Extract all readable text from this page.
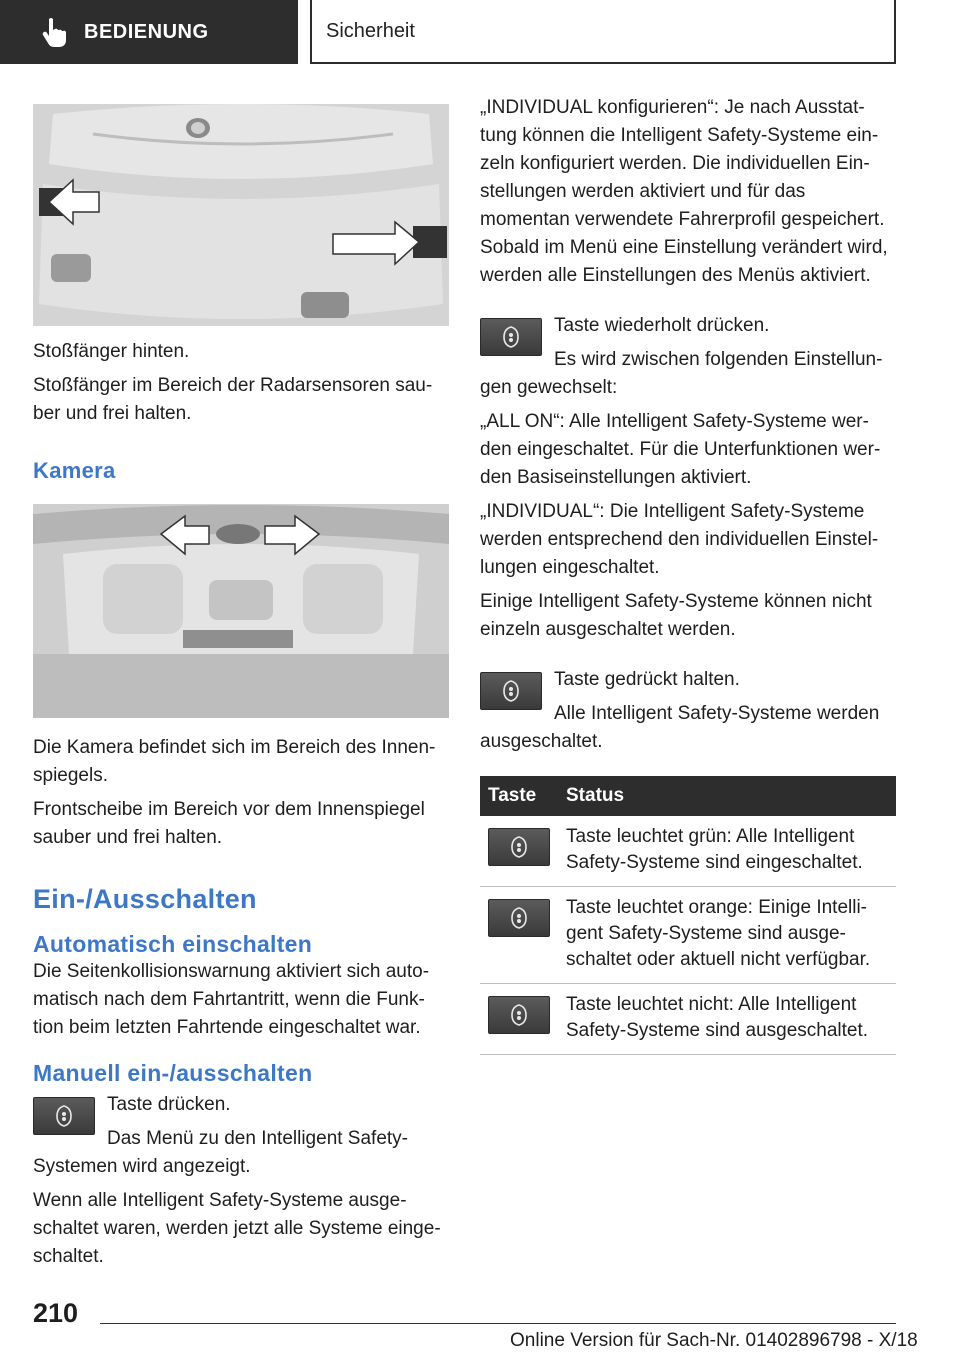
BEDIENUNG	Sicherheit

Stoßfänger hinten.

Stoßfänger im Bereich der Radarsensoren sau-ber und frei halten.

Kamera

Die Kamera befindet sich im Bereich des Innen-spiegels.

Frontscheibe im Bereich vor dem Innenspiegel sauber und frei halten.

Ein-/Ausschalten
Automatisch einschalten

Die Seitenkollisionswarnung aktiviert sich auto-matisch nach dem Fahrtantritt, wenn die Funk-tion beim letzten Fahrtende eingeschaltet war.

Manuell ein-/ausschalten

Taste drücken.

Das Menü zu den Intelligent Safety-Systemen wird angezeigt.

Wenn alle Intelligent Safety-Systeme ausge-schaltet waren, werden jetzt alle Systeme einge-schaltet.

„INDIVIDUAL konfigurieren“: Je nach Ausstat-tung können die Intelligent Safety-Systeme ein-zeln konfiguriert werden. Die individuellen Ein-stellungen werden aktiviert und für das momentan verwendete Fahrerprofil gespeichert. Sobald im Menü eine Einstellung verändert wird, werden alle Einstellungen des Menüs aktiviert.

Taste wiederholt drücken.

Es wird zwischen folgenden Einstellun-gen gewechselt:

„ALL ON“: Alle Intelligent Safety-Systeme wer-den eingeschaltet. Für die Unterfunktionen wer-den Basiseinstellungen aktiviert.

„INDIVIDUAL“: Die Intelligent Safety-Systeme werden entsprechend den individuellen Einstel-lungen eingeschaltet.

Einige Intelligent Safety-Systeme können nicht einzeln ausgeschaltet werden.

Taste gedrückt halten.

Alle Intelligent Safety-Systeme werden ausgeschaltet.

Taste	Status

	Taste leuchtet grün: Alle Intelligent Safety-Systeme sind eingeschaltet.

	Taste leuchtet orange: Einige Intelli-gent Safety-Systeme sind ausge-schaltet oder aktuell nicht verfügbar.

	Taste leuchtet nicht: Alle Intelligent Safety-Systeme sind ausgeschaltet.
210
Online Version für Sach-Nr. 01402896798 - X/18
